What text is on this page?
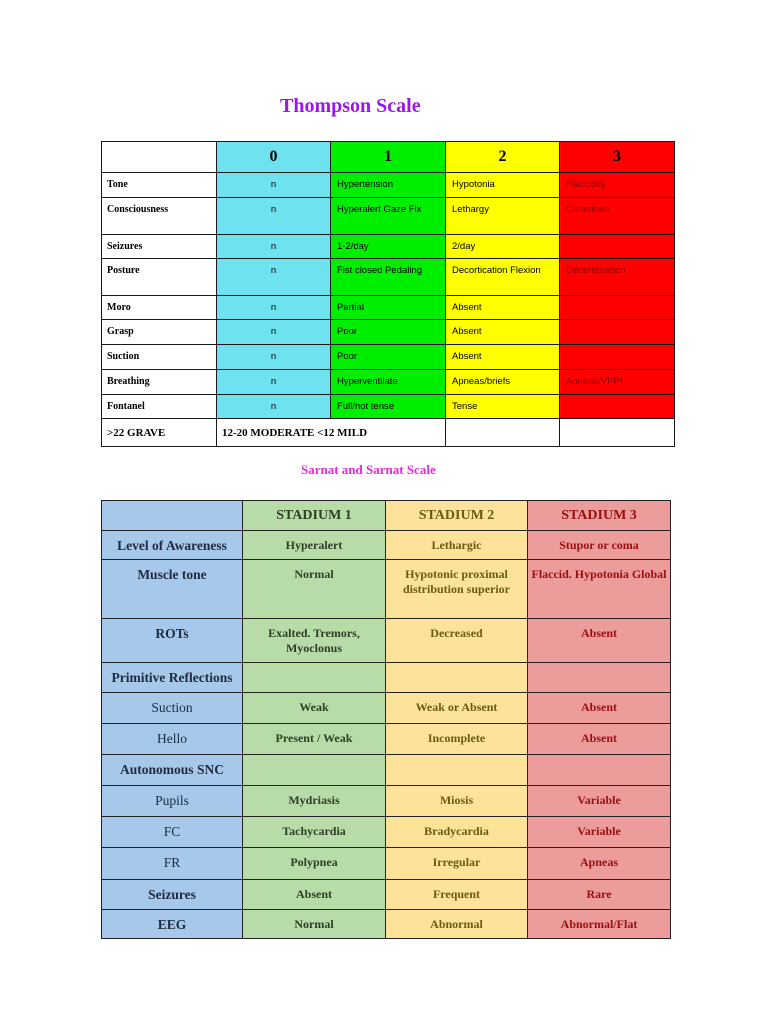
Thompson Scale
	0	1	2	3
Tone	n	Hypertension	Hypotonia	Flaccidity
Consciousness	n	Hyperalert Gaze Fix	Lethargy	Comatose
Seizures	n	1-2/day	2/day	
Posture	n	Fist closed Pedaling	Decortication Flexion	Decerebration
Moro	n	Partial	Absent	
Grasp	n	Poor	Absent	
Suction	n	Poor	Absent	
Breathing	n	Hyperventilate	Apneas/briefs	Apneas/VPPI
Fontanel	n	Full/not tense	Tense	
>22 GRAVE	12-20 MODERATE <12 MILD			
Sarnat and Sarnat Scale
	STADIUM 1	STADIUM 2	STADIUM 3
Level of Awareness	Hyperalert	Lethargic	Stupor or coma
Muscle tone	Normal	Hypotonic proximal distribution superior	Flaccid. Hypotonia Global
ROTs	Exalted. Tremors, Myoclonus	Decreased	Absent
Primitive Reflections			
Suction	Weak	Weak or Absent	Absent
Hello	Present / Weak	Incomplete	Absent
Autonomous SNC			
Pupils	Mydriasis	Miosis	Variable
FC	Tachycardia	Bradycardia	Variable
FR	Polypnea	Irregular	Apneas
Seizures	Absent	Frequent	Rare
EEG	Normal	Abnormal	Abnormal/Flat
